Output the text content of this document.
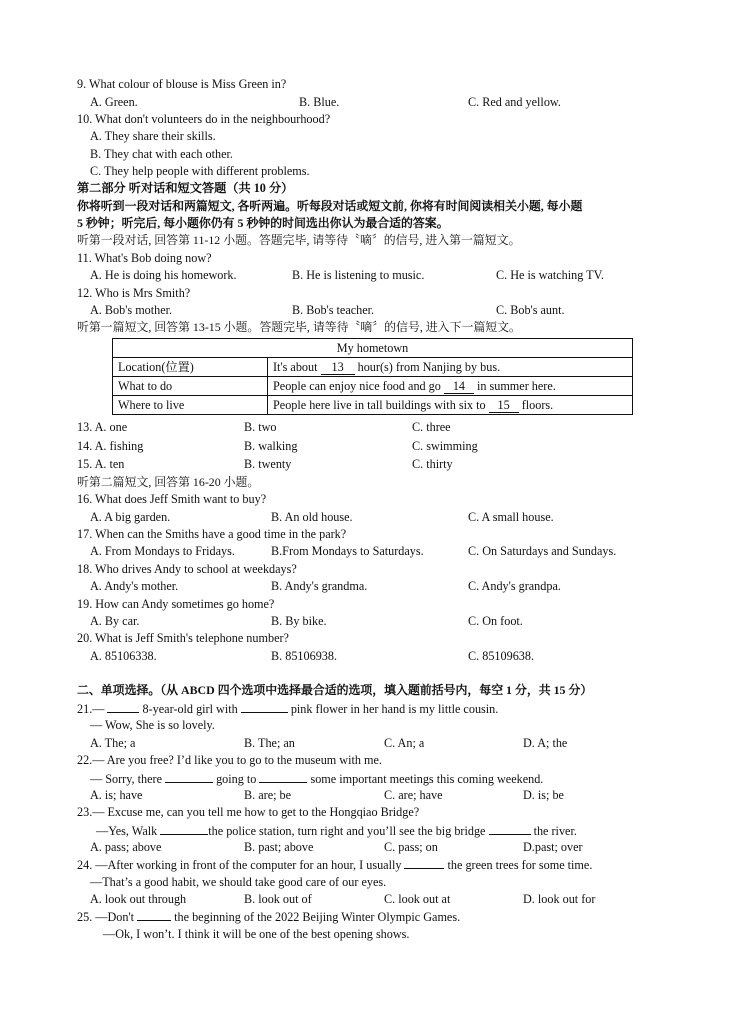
9. What colour of blouse is Miss Green in?
A. Green.	B. Blue.	C. Red and yellow.
10. What don't volunteers do in the neighbourhood?
A. They share their skills.
B. They chat with each other.
C. They help people with different problems.
第二部分 听对话和短文答题（共 10 分）
你将听到一段对话和两篇短文, 各听两遍。听每段对话或短文前, 你将有时间阅读相关小题, 每小题
5 秒钟；听完后, 每小题你仍有 5 秒钟的时间选出你认为最合适的答案。
听第一段对话, 回答第 11-12 小题。答题完毕, 请等待〝嘀〞的信号, 进入第一篇短文。
11. What's Bob doing now?
A. He is doing his homework.	B. He is listening to music.	C. He is watching TV.
12. Who is Mrs Smith?
A. Bob's mother.	B. Bob's teacher.	C. Bob's aunt.
听第一篇短文, 回答第 13-15 小题。答题完毕, 请等待〝嘀〞的信号, 进入下一篇短文。
My hometown	
Location(位置)	It's about 13 hour(s) from Nanjing by bus.
What to do	People can enjoy nice food and go 14 in summer here.
Where to live	People here live in tall buildings with six to 15 floors.
13. A. one	B. two	C. three
14. A. fishing	B. walking	C. swimming
15. A. ten	B. twenty	C. thirty
听第二篇短文, 回答第 16-20 小题。
16. What does Jeff Smith want to buy?
A. A big garden.	B. An old house.	C. A small house.
17. When can the Smiths have a good time in the park?
A. From Mondays to Fridays.	B.From Mondays to Saturdays.	C. On Saturdays and Sundays.
18. Who drives Andy to school at weekdays?
A. Andy's mother.	B. Andy's grandma.	C. Andy's grandpa.
19. How can Andy sometimes go home?
A. By car.	B. By bike.	C. On foot.
20. What is Jeff Smith's telephone number?
A. 85106338.	B. 85106938.	C. 85109638.
二、单项选择。（从 ABCD 四个选项中选择最合适的选项，填入题前括号内，每空 1 分，共 15 分）
21.—	8-year-old girl with	pink flower in her hand is my little cousin.
— Wow, She is so lovely.
A. The; a	B. The; an	C. An; a	D. A; the
22.— Are you free? I’d like you to go to the museum with me.
— Sorry, there	going to	some important meetings this coming weekend.
A. is; have	B. are; be	C. are; have	D. is; be
23.— Excuse me, can you tell me how to get to the Hongqiao Bridge?
—Yes, Walk	the police station, turn right and you’ll see the big bridge	the river.
A. pass; above	B. past; above	C. pass; on	D.past; over
24. —After working in front of the computer for an hour, I usually	the green trees for some time.
—That’s a good habit, we should take good care of our eyes.
A. look out through	B. look out of	C. look out at	D. look out for
25. —Don't	the beginning of the 2022 Beijing Winter Olympic Games.
—Ok, I won’t. I think it will be one of the best opening shows.
